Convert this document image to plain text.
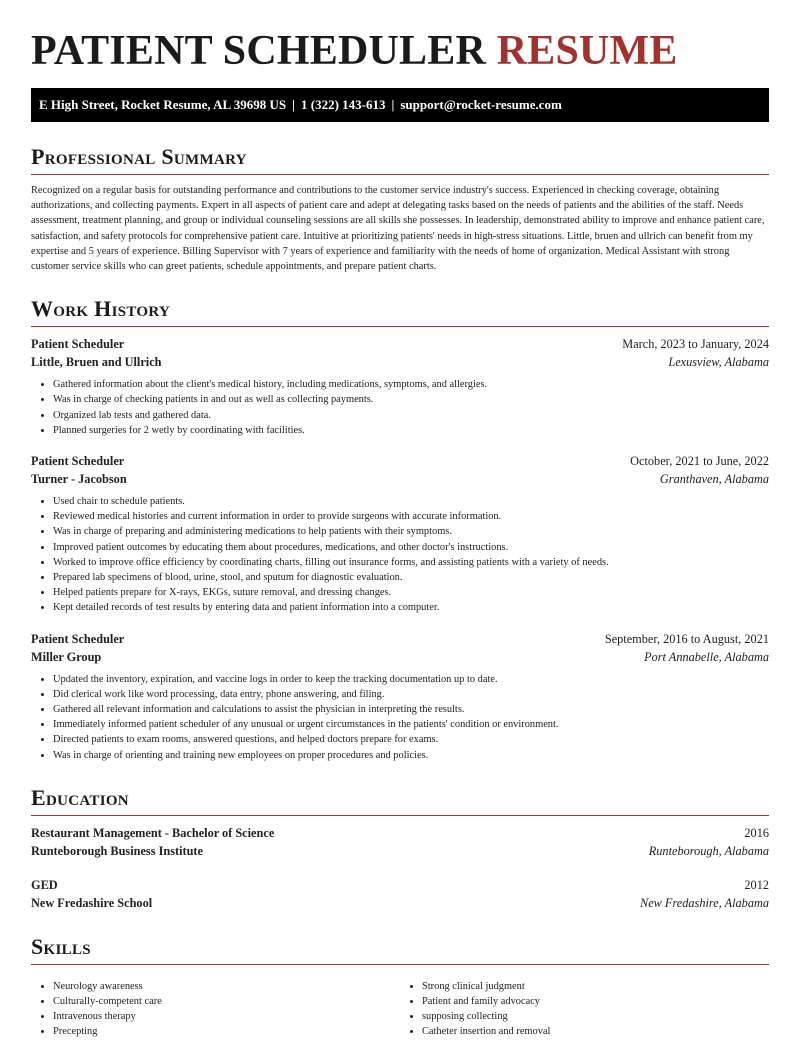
PATIENT SCHEDULER RESUME
E High Street, Rocket Resume, AL 39698 US | 1 (322) 143-613 | support@rocket-resume.com
Professional Summary
Recognized on a regular basis for outstanding performance and contributions to the customer service industry's success. Experienced in checking coverage, obtaining authorizations, and collecting payments. Expert in all aspects of patient care and adept at delegating tasks based on the needs of patients and the abilities of the staff. Needs assessment, treatment planning, and group or individual counseling sessions are all skills she possesses. In leadership, demonstrated ability to improve and enhance patient care, satisfaction, and safety protocols for comprehensive patient care. Intuitive at prioritizing patients' needs in high-stress situations. Little, bruen and ullrich can benefit from my expertise and 5 years of experience. Billing Supervisor with 7 years of experience and familiarity with the needs of home of organization. Medical Assistant with strong customer service skills who can greet patients, schedule appointments, and prepare patient charts.
Work History
Patient Scheduler	March, 2023 to January, 2024
Little, Bruen and Ullrich	Lexusview, Alabama
• Gathered information about the client's medical history, including medications, symptoms, and allergies.
• Was in charge of checking patients in and out as well as collecting payments.
• Organized lab tests and gathered data.
• Planned surgeries for 2 wetly by coordinating with facilities.
Patient Scheduler	October, 2021 to June, 2022
Turner - Jacobson	Granthaven, Alabama
• Used chair to schedule patients.
• Reviewed medical histories and current information in order to provide surgeons with accurate information.
• Was in charge of preparing and administering medications to help patients with their symptoms.
• Improved patient outcomes by educating them about procedures, medications, and other doctor's instructions.
• Worked to improve office efficiency by coordinating charts, filling out insurance forms, and assisting patients with a variety of needs.
• Prepared lab specimens of blood, urine, stool, and sputum for diagnostic evaluation.
• Helped patients prepare for X-rays, EKGs, suture removal, and dressing changes.
• Kept detailed records of test results by entering data and patient information into a computer.
Patient Scheduler	September, 2016 to August, 2021
Miller Group	Port Annabelle, Alabama
• Updated the inventory, expiration, and vaccine logs in order to keep the tracking documentation up to date.
• Did clerical work like word processing, data entry, phone answering, and filing.
• Gathered all relevant information and calculations to assist the physician in interpreting the results.
• Immediately informed patient scheduler of any unusual or urgent circumstances in the patients' condition or environment.
• Directed patients to exam rooms, answered questions, and helped doctors prepare for exams.
• Was in charge of orienting and training new employees on proper procedures and policies.
Education
Restaurant Management - Bachelor of Science	2016
Runteborough Business Institute	Runteborough, Alabama
GED	2012
New Fredashire School	New Fredashire, Alabama
Skills
• Neurology awareness
• Culturally-competent care
• Intravenous therapy
• Precepting
• Strong clinical judgment
• Patient and family advocacy
• supposing collecting
• Catheter insertion and removal
